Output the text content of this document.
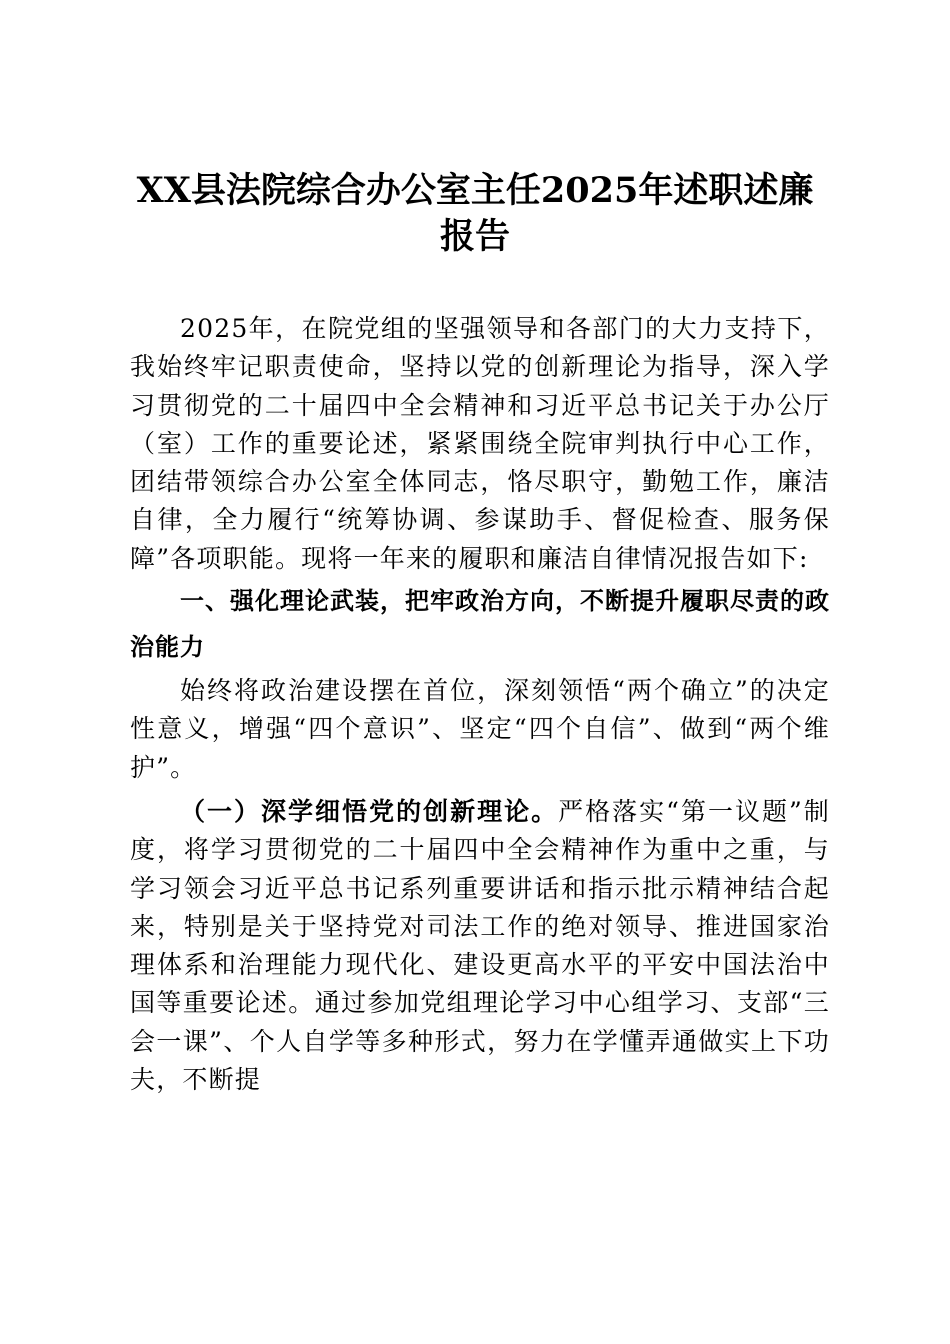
XX县法院综合办公室主任2025年述职述廉报告

2025年，在院党组的坚强领导和各部门的大力支持下，我始终牢记职责使命，坚持以党的创新理论为指导，深入学习贯彻党的二十届四中全会精神和习近平总书记关于办公厅（室）工作的重要论述，紧紧围绕全院审判执行中心工作，团结带领综合办公室全体同志，恪尽职守，勤勉工作，廉洁自律，全力履行“统筹协调、参谋助手、督促检查、服务保障”各项职能。现将一年来的履职和廉洁自律情况报告如下:

一、强化理论武装，把牢政治方向，不断提升履职尽责的政治能力

始终将政治建设摆在首位，深刻领悟“两个确立”的决定性意义，增强“四个意识”、坚定“四个自信”、做到“两个维护”。

（一）深学细悟党的创新理论。严格落实“第一议题”制度，将学习贯彻党的二十届四中全会精神作为重中之重，与学习领会习近平总书记系列重要讲话和指示批示精神结合起来，特别是关于坚持党对司法工作的绝对领导、推进国家治理体系和治理能力现代化、建设更高水平的平安中国法治中国等重要论述。通过参加党组理论学习中心组学习、支部“三会一课”、个人自学等多种形式，努力在学懂弄通做实上下功夫，不断提
